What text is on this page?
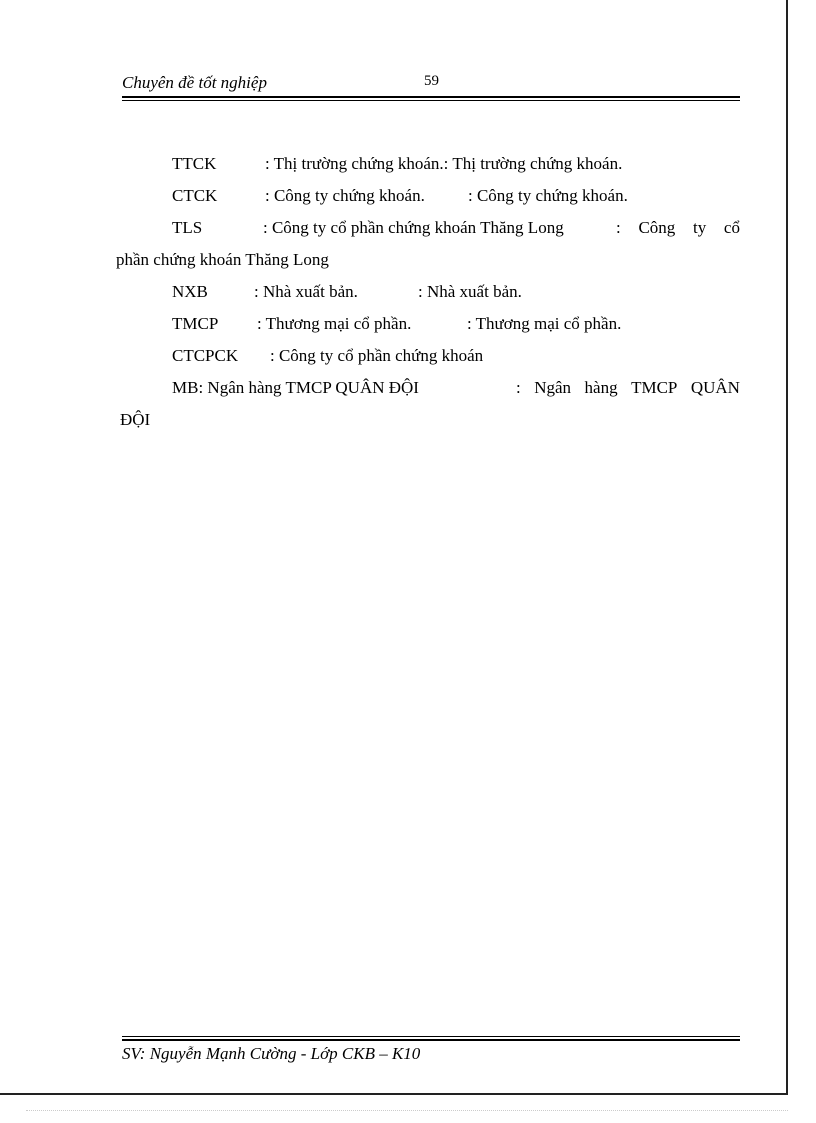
Chuyên đề tốt nghiệp	59
TTCK	: Thị trường chứng khoán.: Thị trường chứng khoán.
CTCK	: Công ty chứng khoán.	: Công ty chứng khoán.
TLS	: Công ty cổ phần chứng khoán Thăng Long	: Công ty cổ
phần chứng khoán Thăng Long
NXB	: Nhà xuất bản.	: Nhà xuất bản.
TMCP : Thương mại cổ phần.	: Thương mại cổ phần.
CTCPCK : Công ty cổ phần chứng khoán
MB: Ngân hàng TMCP QUÂN ĐỘI	: Ngân hàng TMCP QUÂN
ĐỘI
SV: Nguyễn Mạnh Cường - Lớp CKB – K10
